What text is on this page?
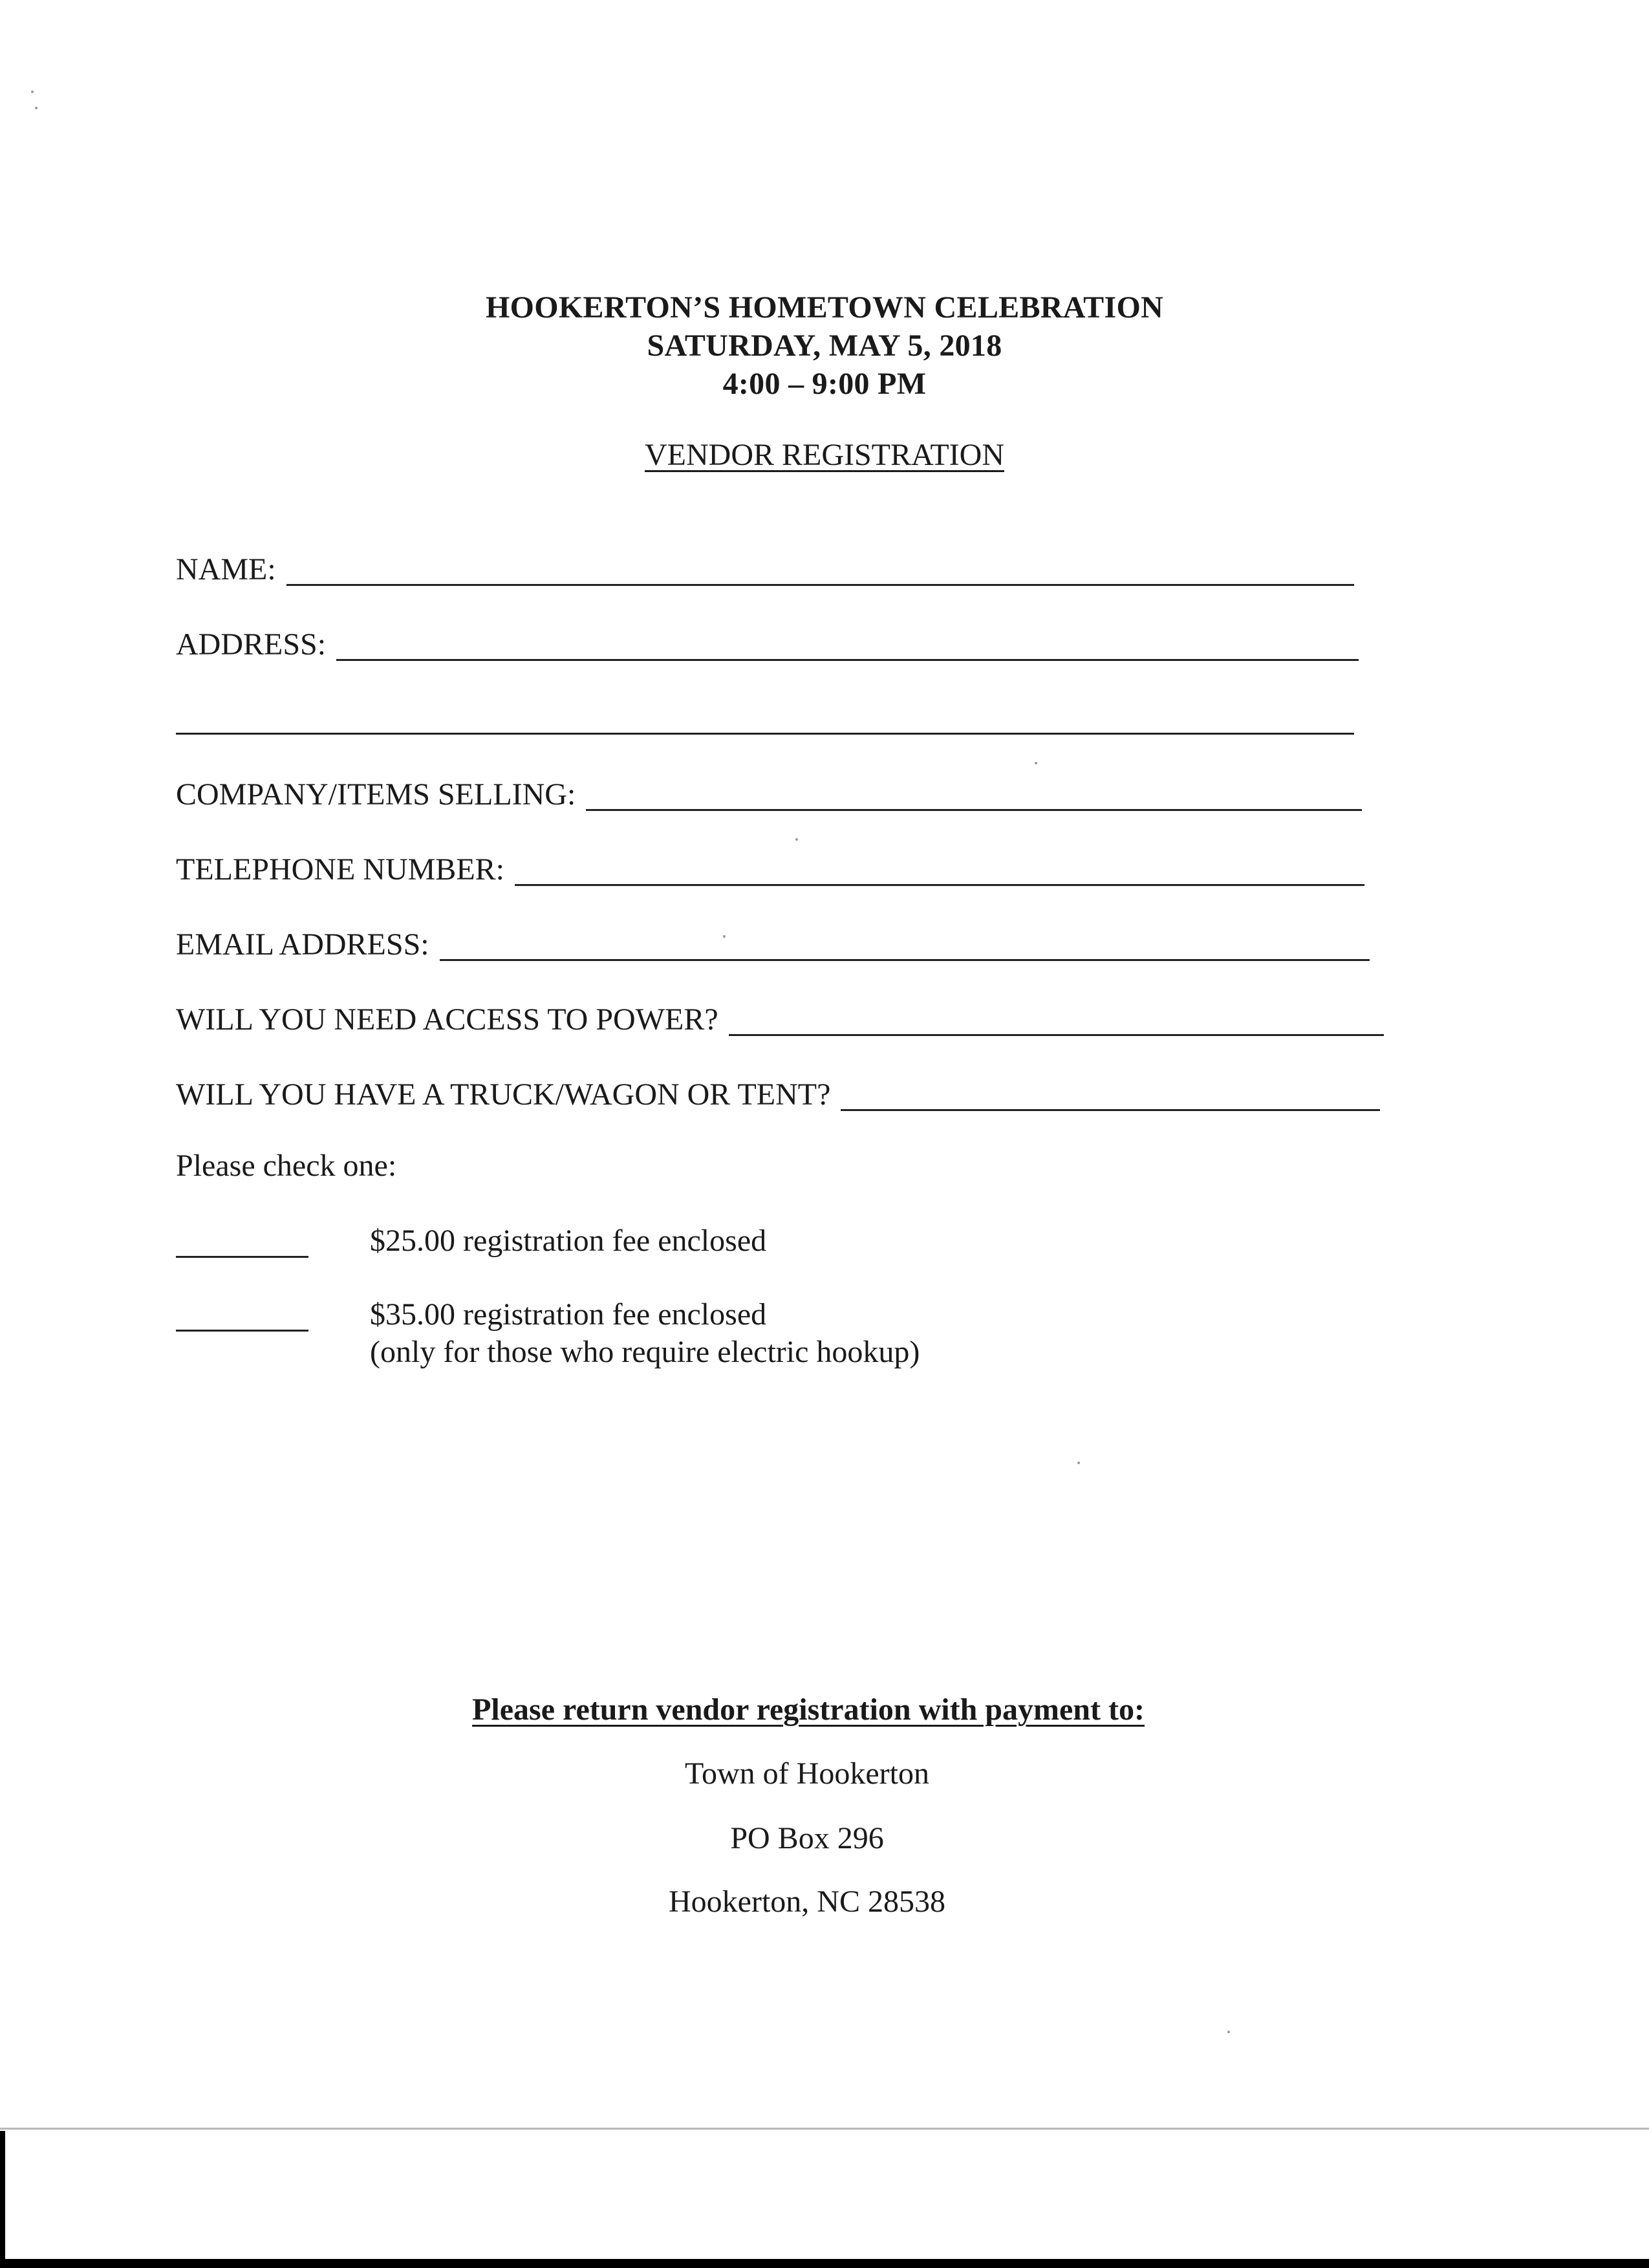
HOOKERTON’S HOMETOWN CELEBRATION
SATURDAY, MAY 5, 2018
4:00 – 9:00 PM
VENDOR REGISTRATION
NAME:
ADDRESS:
COMPANY/ITEMS SELLING:
TELEPHONE NUMBER:
EMAIL ADDRESS:
WILL YOU NEED ACCESS TO POWER?
WILL YOU HAVE A TRUCK/WAGON OR TENT?
Please check one:
$25.00 registration fee enclosed
$35.00 registration fee enclosed
(only for those who require electric hookup)
Please return vendor registration with payment to:
Town of Hookerton
PO Box 296
Hookerton, NC 28538
